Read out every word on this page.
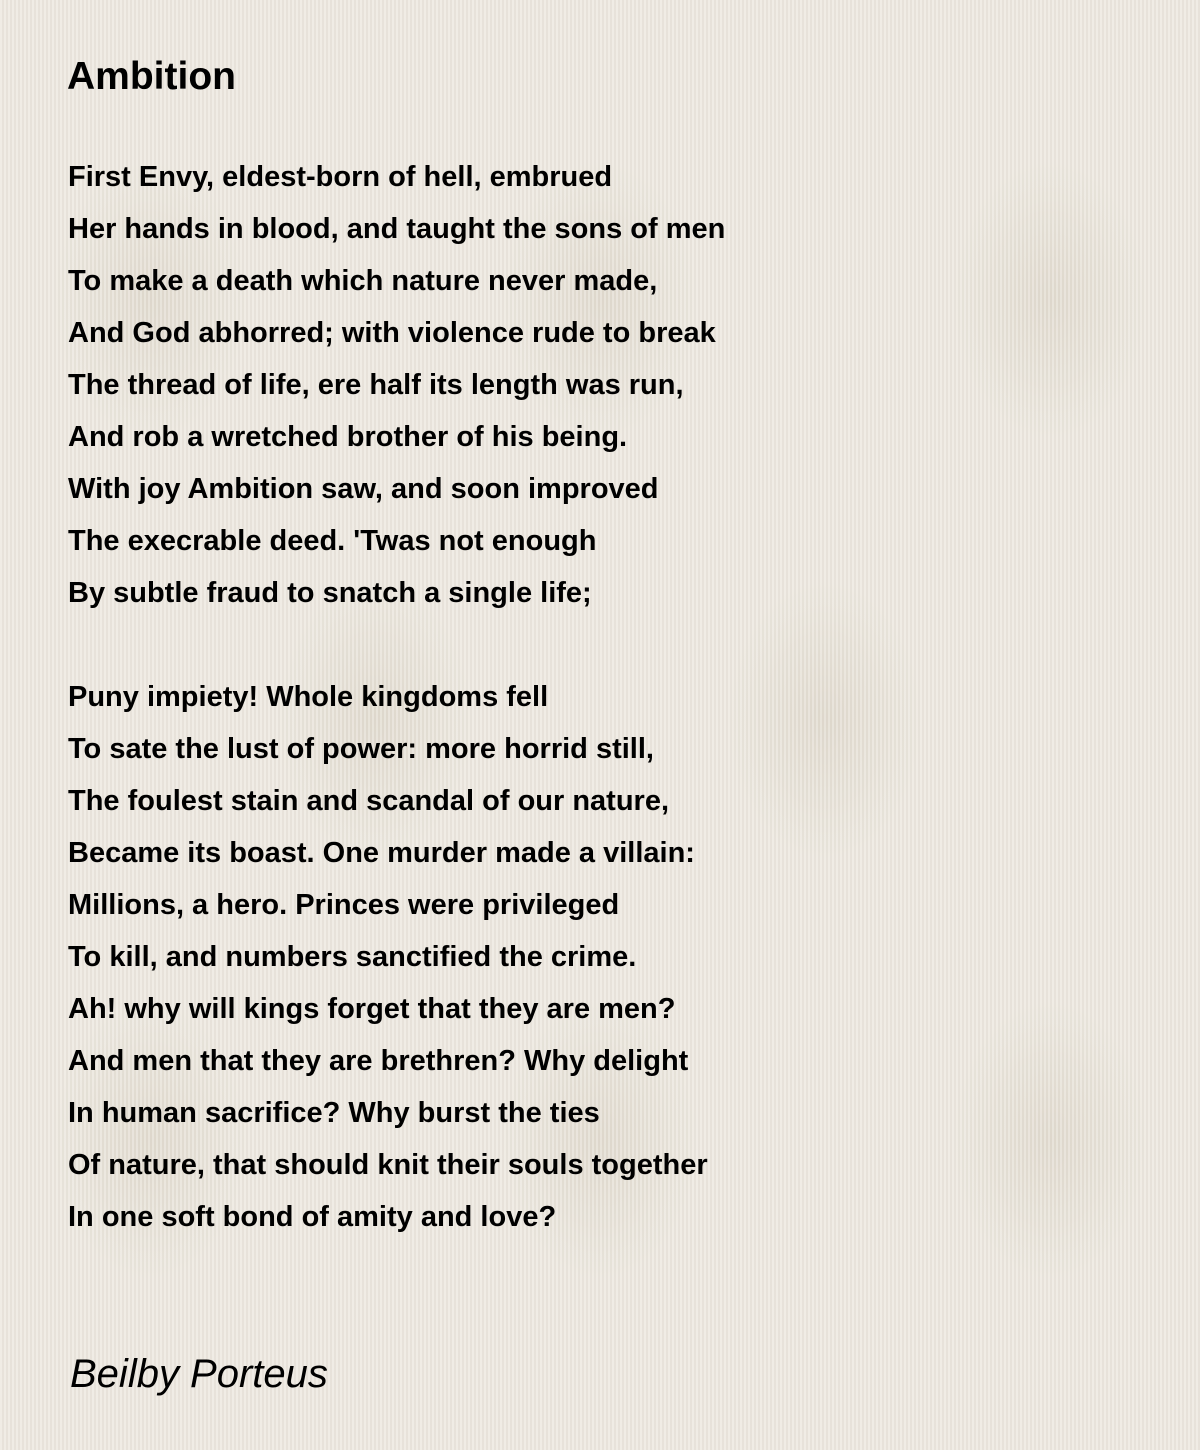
Ambition
First Envy, eldest-born of hell, embrued
Her hands in blood, and taught the sons of men
To make a death which nature never made,
And God abhorred; with violence rude to break
The thread of life, ere half its length was run,
And rob a wretched brother of his being.
With joy Ambition saw, and soon improved
The execrable deed. 'Twas not enough
By subtle fraud to snatch a single life;
Puny impiety! Whole kingdoms fell
To sate the lust of power: more horrid still,
The foulest stain and scandal of our nature,
Became its boast. One murder made a villain:
Millions, a hero. Princes were privileged
To kill, and numbers sanctified the crime.
Ah! why will kings forget that they are men?
And men that they are brethren? Why delight
In human sacrifice? Why burst the ties
Of nature, that should knit their souls together
In one soft bond of amity and love?

Beilby Porteus
